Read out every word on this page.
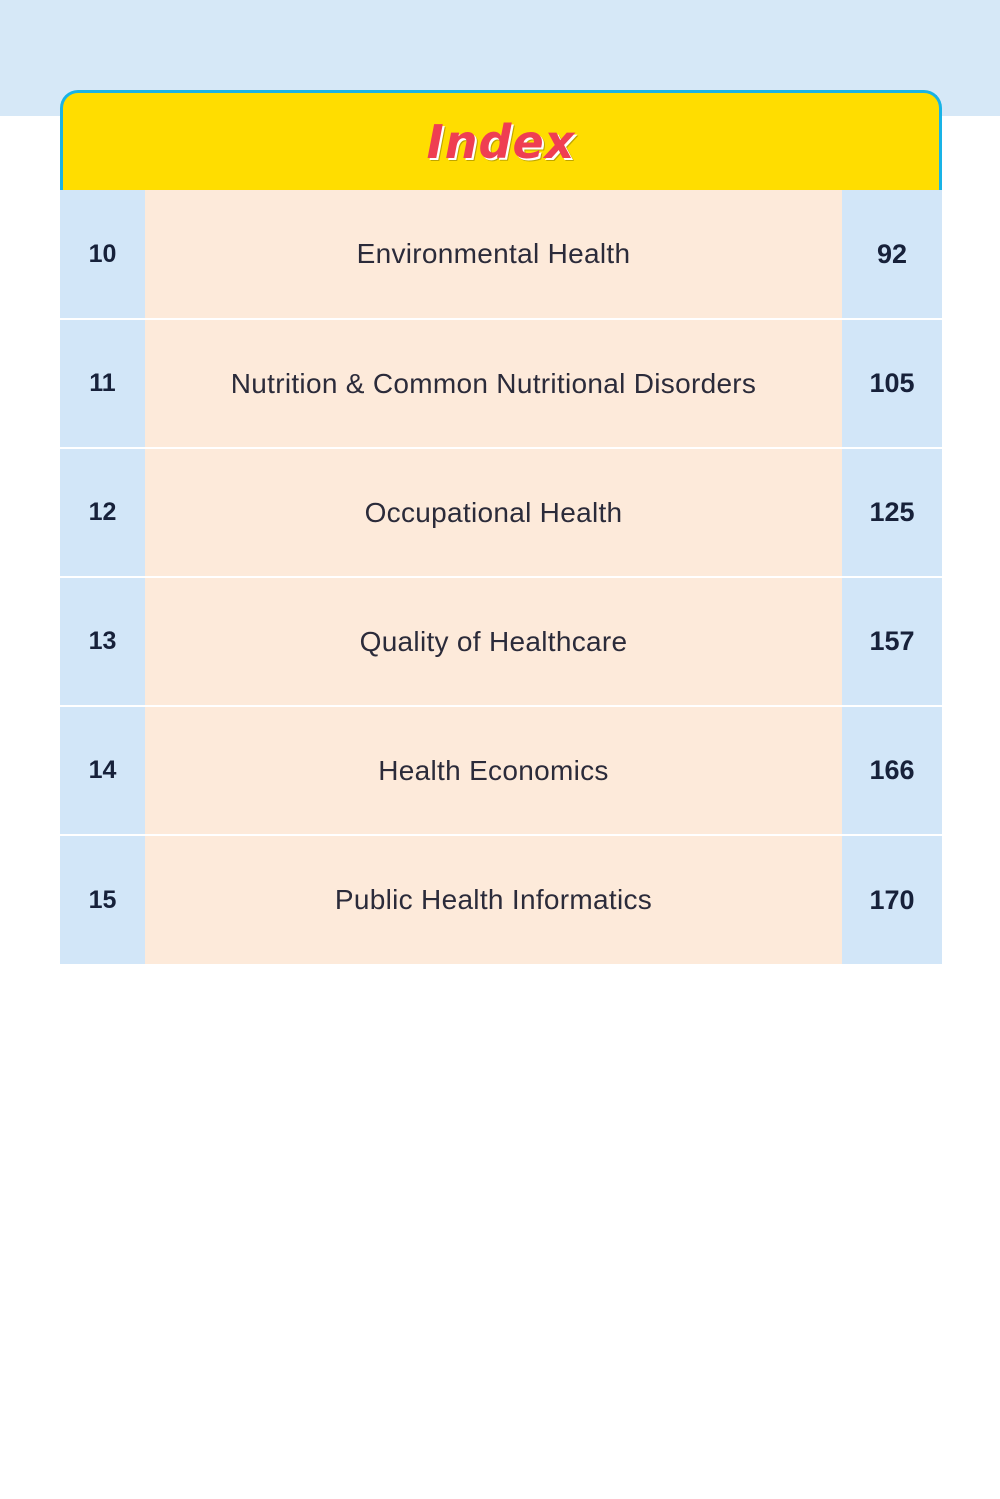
Index
10	Environmental Health	92
11	Nutrition & Common Nutritional Disorders	105
12	Occupational Health	125
13	Quality of Healthcare	157
14	Health Economics	166
15	Public Health Informatics	170
